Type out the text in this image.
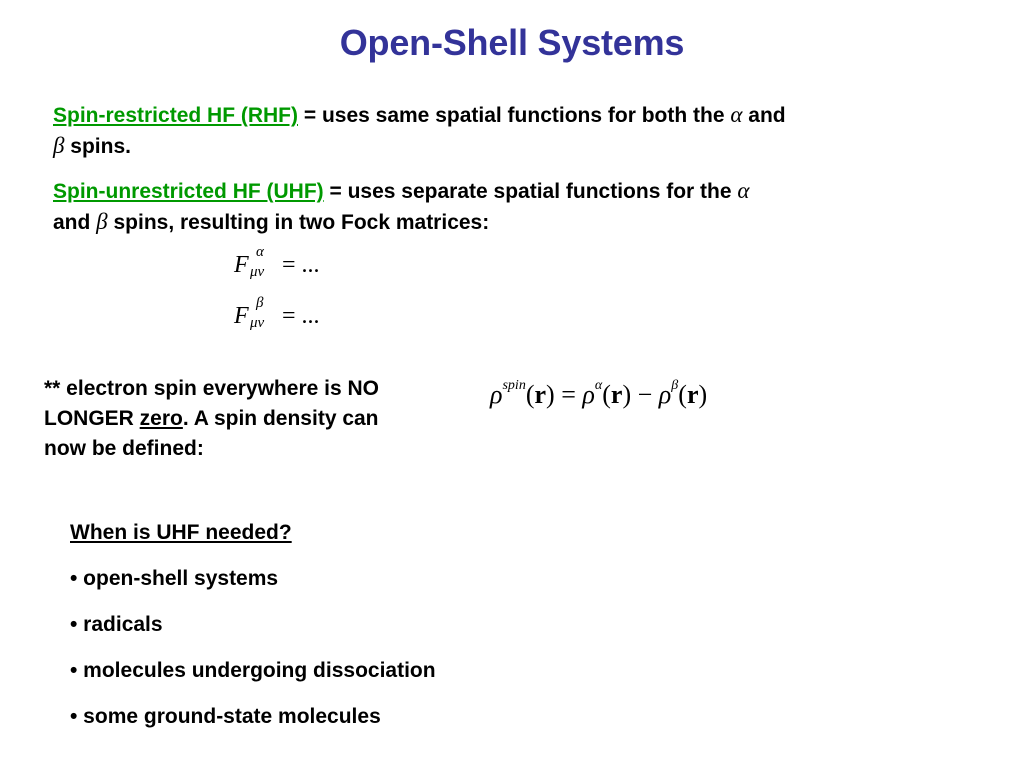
Open-Shell Systems
Spin-restricted HF (RHF) = uses same spatial functions for both the α and
β spins.
Spin-unrestricted HF (UHF) = uses separate spatial functions for the α
and β spins, resulting in two Fock matrices:
F α
μν = ...
F β
μν = ...
** electron spin everywhere is NO
LONGER zero. A spin density can
now be defined:
$\rho^{spin}(r) = \rho^\alpha(r) - \rho^\beta(r)$
When is UHF needed?
• open-shell systems
• radicals
• molecules undergoing dissociation
• some ground-state molecules
